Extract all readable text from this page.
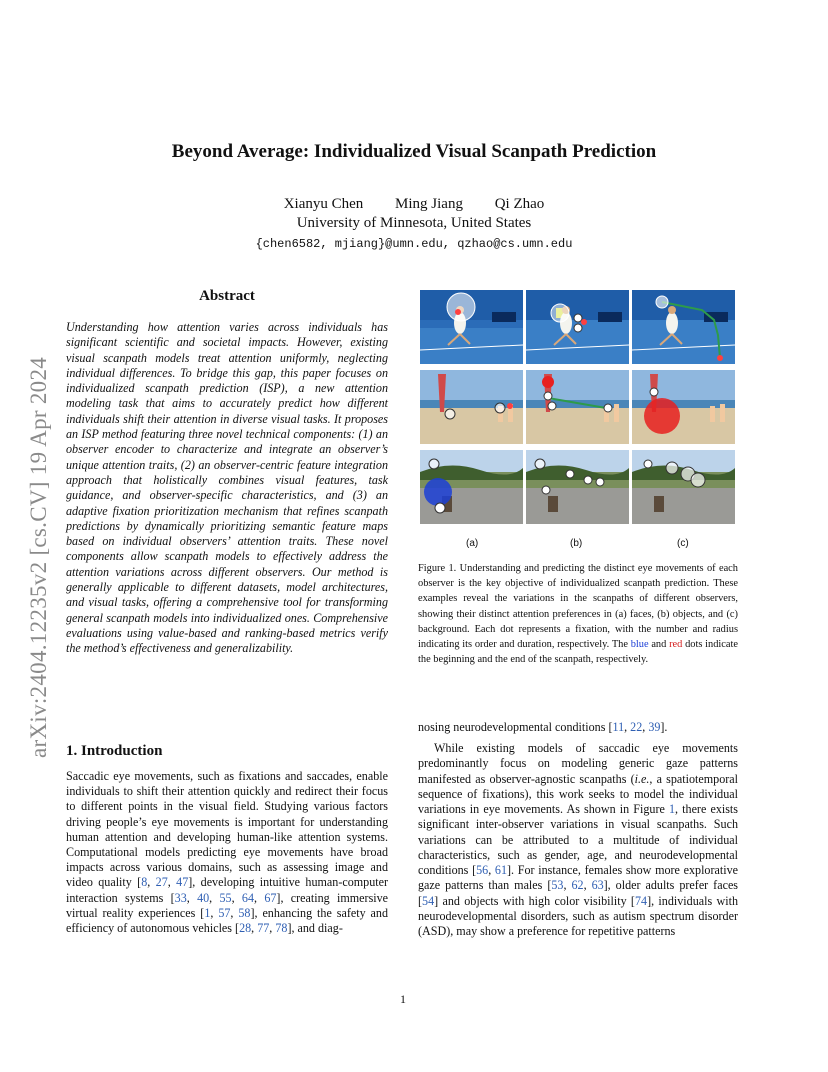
Beyond Average: Individualized Visual Scanpath Prediction
Xianyu Chen Ming Jiang Qi Zhao
University of Minnesota, United States
{chen6582, mjiang}@umn.edu, qzhao@cs.umn.edu
arXiv:2404.12235v2 [cs.CV] 19 Apr 2024
Abstract
Understanding how attention varies across individuals has significant scientific and societal impacts. However, existing visual scanpath models treat attention uniformly, neglecting individual differences. To bridge this gap, this paper focuses on individualized scanpath prediction (ISP), a new attention modeling task that aims to accurately predict how different individuals shift their attention in diverse visual tasks. It proposes an ISP method featuring three novel technical components: (1) an observer encoder to characterize and integrate an observer’s unique attention traits, (2) an observer-centric feature integration approach that holistically combines visual features, task guidance, and observer-specific characteristics, and (3) an adaptive fixation prioritization mechanism that refines scanpath predictions by dynamically prioritizing semantic feature maps based on individual observers’ attention traits. These novel components allow scanpath models to effectively address the attention variations across different observers. Our method is generally applicable to different datasets, model architectures, and visual tasks, offering a comprehensive tool for transforming general scanpath models into individualized ones. Comprehensive evaluations using value-based and ranking-based metrics verify the method’s effectiveness and generalizability.
1. Introduction
Saccadic eye movements, such as fixations and saccades, enable individuals to shift their attention quickly and redirect their focus to different points in the visual field. Studying various factors driving people’s eye movements is important for understanding human attention and developing human-like attention systems. Computational models predicting eye movements have broad impacts across various domains, such as assessing image and video quality [8, 27, 47], developing intuitive human-computer interaction systems [33, 40, 55, 64, 67], creating immersive virtual reality experiences [1, 57, 58], enhancing the safety and efficiency of autonomous vehicles [28, 77, 78], and diag-
(a)	(b)	(c)
Figure 1. Understanding and predicting the distinct eye movements of each observer is the key objective of individualized scanpath prediction. These examples reveal the variations in the scanpaths of different observers, showing their distinct attention preferences in (a) faces, (b) objects, and (c) background. Each dot represents a fixation, with the number and radius indicating its order and duration, respectively. The blue and red dots indicate the beginning and the end of the scanpath, respectively.
nosing neurodevelopmental conditions [11, 22, 39].
While existing models of saccadic eye movements predominantly focus on modeling generic gaze patterns manifested as observer-agnostic scanpaths (i.e., a spatiotemporal sequence of fixations), this work seeks to model the individual variations in eye movements. As shown in Figure 1, there exists significant inter-observer variations in visual scanpaths. Such variations can be attributed to a multitude of individual characteristics, such as gender, age, and neurodevelopmental conditions [56, 61]. For instance, females show more explorative gaze patterns than males [53, 62, 63], older adults prefer faces [54] and objects with high color visibility [74], individuals with neurodevelopmental disorders, such as autism spectrum disorder (ASD), may show a preference for repetitive patterns
1
